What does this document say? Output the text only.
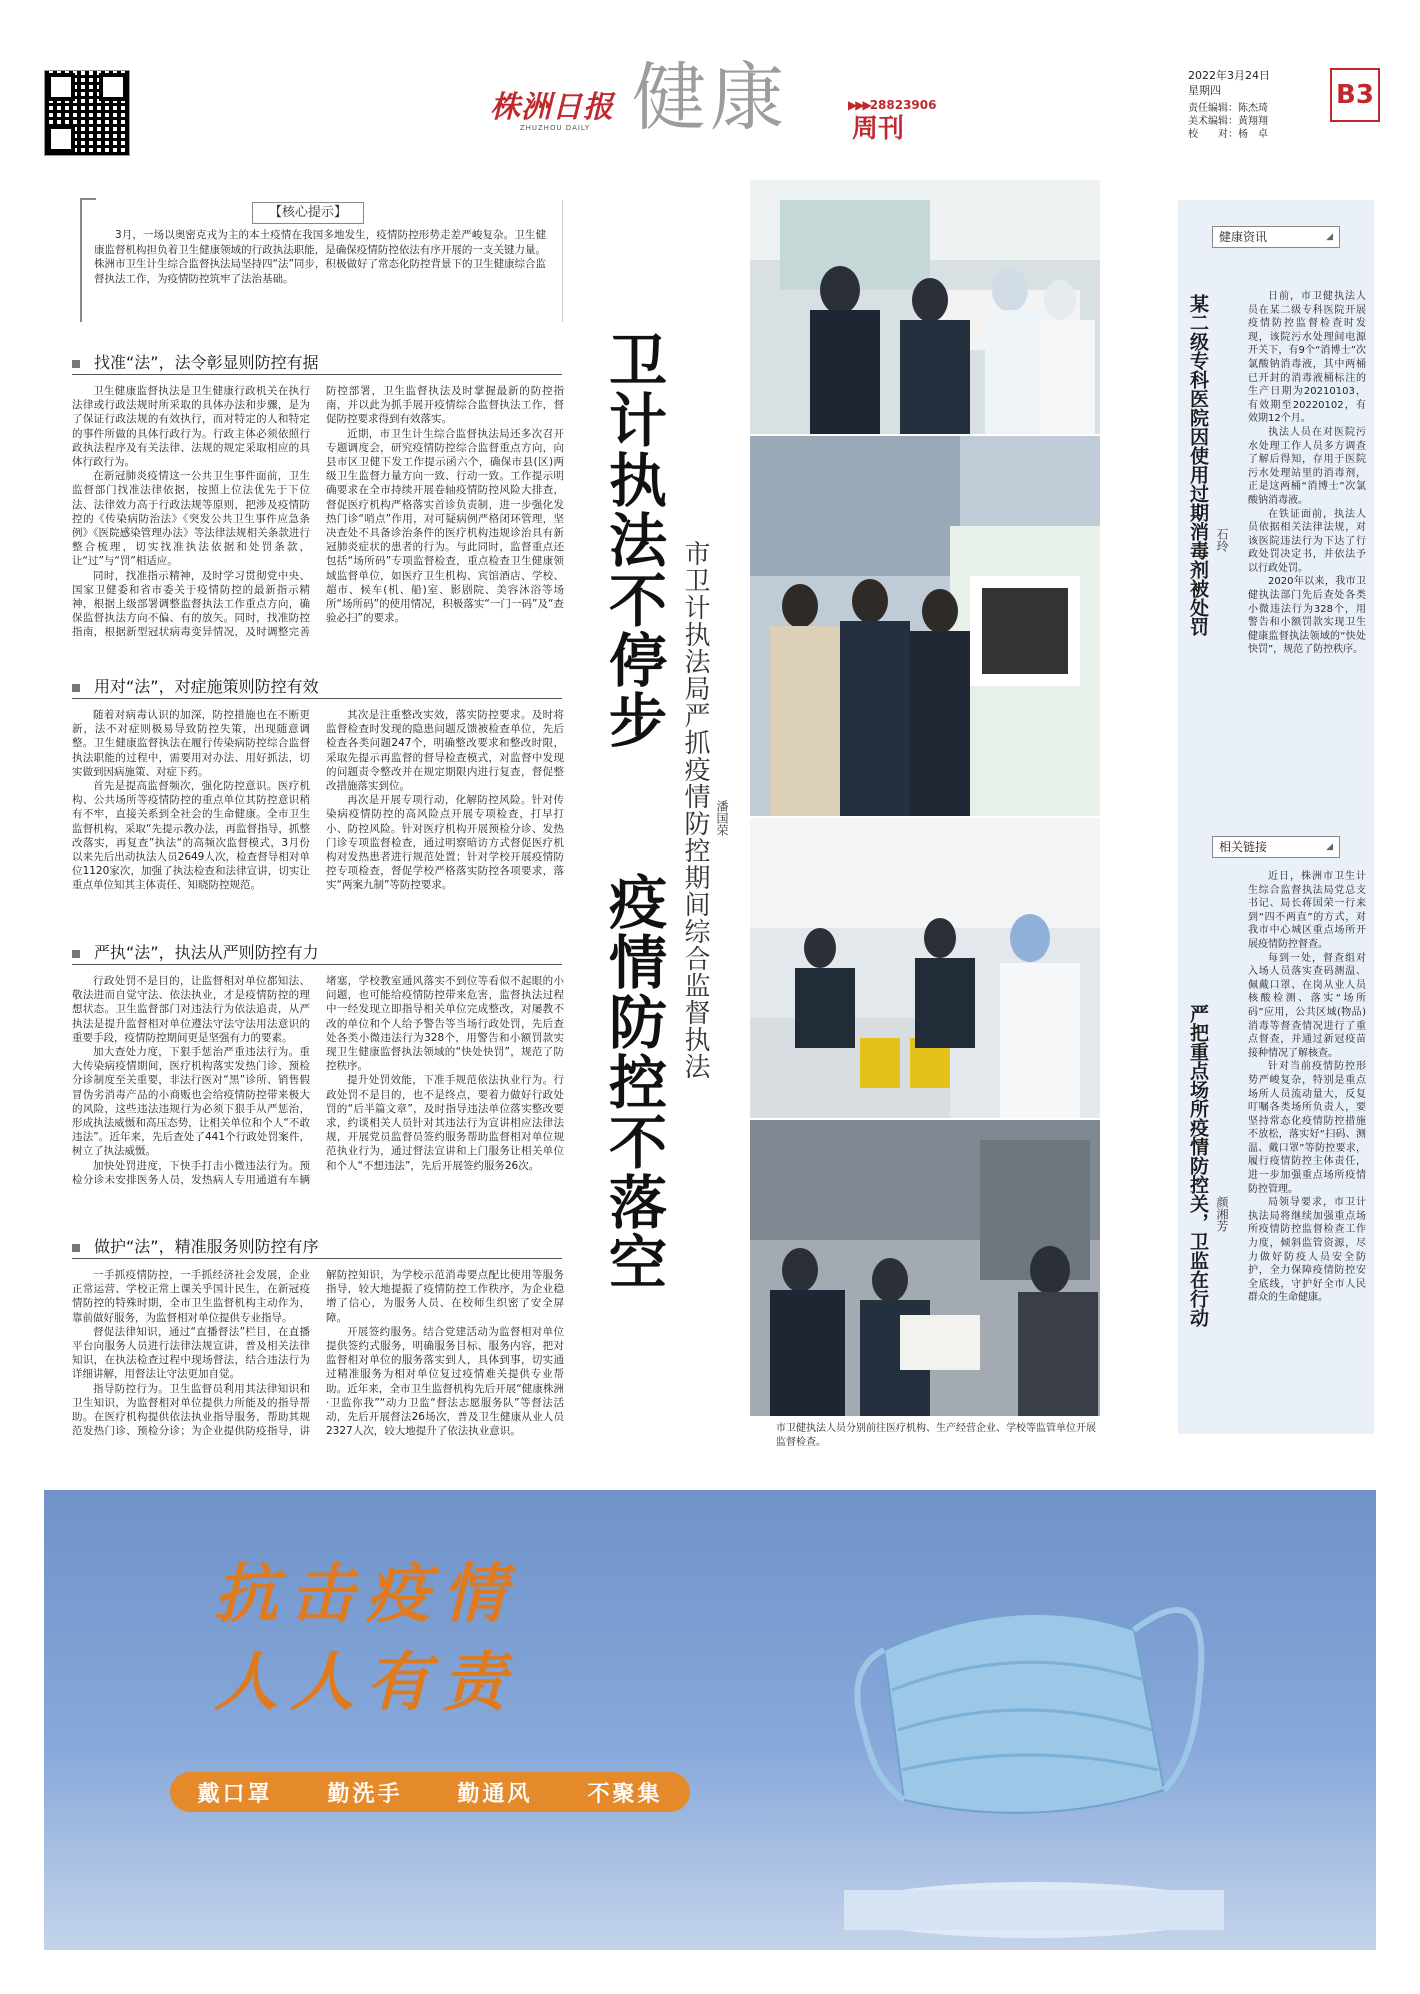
株洲日报
ZHUZHOU DAILY 健康	▶▶▶28823906
周刊
2022年3月24日
星期四
责任编辑：陈杰琦
美术编辑：黄翔翔
校　　对：杨　卓
B3
【核心提示】

3月，一场以奥密克戎为主的本土疫情在我国多地发生，疫情防控形势走差严峻复杂。卫生健康监督机构担负着卫生健康领域的行政执法职能，是确保疫情防控依法有序开展的一支关键力量。株洲市卫生计生综合监督执法局坚持四“法”同步，积极做好了常态化防控背景下的卫生健康综合监督执法工作，为疫情防控筑牢了法治基础。

找准“法”，法令彰显则防控有据

卫生健康监督执法是卫生健康行政机关在执行法律或行政法规时所采取的具体办法和步骤，是为了保证行政法规的有效执行，而对特定的人和特定的事件所做的具体行政行为。行政主体必须依照行政执法程序及有关法律、法规的规定采取相应的具体行政行为。

在新冠肺炎疫情这一公共卫生事件面前，卫生监督部门找准法律依据，按照上位法优先于下位法、法律效力高于行政法规等原则，把涉及疫情防控的《传染病防治法》《突发公共卫生事件应急条例》《医院感染管理办法》等法律法规相关条款进行整合梳理，切实找准执法依据和处罚条款，让“过”与“罚”相适应。

同时，找准指示精神，及时学习贯彻党中央、国家卫健委和省市委关于疫情防控的最新指示精神，根据上级部署调整监督执法工作重点方向，确保监督执法方向不偏、有的放矢。同时，找准防控指南，根据新型冠状病毒变异情况，及时调整完善防控部署，卫生监督执法及时掌握最新的防控指南，并以此为抓手展开疫情综合监督执法工作，督促防控要求得到有效落实。

近期，市卫生计生综合监督执法局还多次召开专题调度会，研究疫情防控综合监督重点方向，向县市区卫健下发工作提示函六个，确保市县(区)两级卫生监督力量方向一致、行动一致。工作提示明确要求在全市持续开展卷轴疫情防控风险大排查，督促医疗机构严格落实首诊负责制，进一步强化发热门诊“哨点”作用，对可疑病例严格闭环管理，坚决查处不具备诊治条件的医疗机构违规诊治具有新冠肺炎症状的患者的行为。与此同时，监督重点还包括“场所码”专项监督检查，重点检查卫生健康领域监督单位，如医疗卫生机构、宾馆酒店、学校、超市、候车(机、船)室、影剧院、美容沐浴等场所“场所码”的使用情况，积极落实“一门一码”及“查验必扫”的要求。

用对“法”，对症施策则防控有效

随着对病毒认识的加深，防控措施也在不断更新，法不对症则极易导致防控失策，出现随意调整。卫生健康监督执法在履行传染病防控综合监督执法职能的过程中，需要用对办法、用好抓法，切实做到因病施策、对症下药。

首先是提高监督频次，强化防控意识。医疗机构、公共场所等疫情防控的重点单位其防控意识稍有不牢，直接关系到全社会的生命健康。全市卫生监督机构，采取“先提示教办法，再监督指导，抓整改落实，再复查”执法“的高频次监督模式，3月份以来先后出动执法人员2649人次，检查督导相对单位1120家次，加强了执法检查和法律宣讲，切实让重点单位知其主体责任、知晓防控规范。

其次是注重整改实效，落实防控要求。及时将监督检查时发现的隐患问题反馈被检查单位，先后检查各类问题247个，明确整改要求和整改时限，采取先提示再监督的督导检查模式，对监督中发现的问题责令整改并在规定期限内进行复查，督促整改措施落实到位。

再次是开展专项行动，化解防控风险。针对传染病疫情防控的高风险点开展专项检查，打早打小、防控风险。针对医疗机构开展预检分诊、发热门诊专项监督检查，通过明察暗访方式督促医疗机构对发热患者进行规范处置；针对学校开展疫情防控专项检查，督促学校严格落实防控各项要求，落实“两案九制”等防控要求。

严执“法”，执法从严则防控有力

行政处罚不是目的，让监督相对单位都知法、敬法进而自觉守法、依法执业，才是疫情防控的理想状态。卫生监督部门对违法行为依法追责，从严执法是提升监督相对单位遵法守法守法用法意识的重要手段，疫情防控期间更是坚强有力的要素。

加大查处力度，下狠手惩治严重违法行为。重大传染病疫情期间，医疗机构落实发热门诊、预检分诊制度至关重要，非法行医对“黑”诊所、销售假冒伪劣消毒产品的小商贩也会给疫情防控带来极大的风险，这些违法违规行为必须下狠手从严惩治，形成执法威慑和高压态势，让相关单位和个人“不敢违法”。近年来，先后查处了441个行政处罚案件，树立了执法威慑。

加快处罚进度，下快手打击小微违法行为。预检分诊未安排医务人员，发热病人专用通道有车辆堵塞，学校教室通风落实不到位等看似不起眼的小问题，也可能给疫情防控带来危害，监督执法过程中一经发现立即指导相关单位完成整改，对屡教不改的单位和个人给予警告等当场行政处罚，先后查处各类小微违法行为328个，用警告和小额罚款实现卫生健康监督执法领域的“快处快罚”，规范了防控秩序。

提升处罚效能，下准手规范依法执业行为。行政处罚不是目的，也不是终点，要着力做好行政处罚的“后半篇文章”，及时指导违法单位落实整改要求，约谈相关人员针对其违法行为宣讲相应法律法规，开展党员监督员签约服务帮助监督相对单位规范执业行为，通过督法宣讲和上门服务让相关单位和个人“不想违法”，先后开展签约服务26次。

做护“法”，精准服务则防控有序

一手抓疫情防控，一手抓经济社会发展，企业正常运营、学校正常上课关乎国计民生，在新冠疫情防控的特殊时期，全市卫生监督机构主动作为，靠前做好服务，为监督相对单位提供专业指导。

督促法律知识，通过“直播督法”栏目，在直播平台向服务人员进行法律法规宣讲，普及相关法律知识，在执法检查过程中现场督法，结合违法行为详细讲解，用督法让守法更加自觉。

指导防控行为。卫生监督员利用其法律知识和卫生知识，为监督相对单位提供力所能及的指导帮助。在医疗机构提供依法执业指导服务，帮助其规范发热门诊、预检分诊；为企业提供防疫指导，讲解防控知识，为学校示范消毒要点配比使用等服务指导，较大地提振了疫情防控工作秩序，为企业稳增了信心，为服务人员、在校师生织密了安全屏障。

开展签约服务。结合党建活动为监督相对单位提供签约式服务，明确服务目标、服务内容，把对监督相对单位的服务落实到人，具体到事，切实通过精准服务为相对单位复过疫情难关提供专业帮助。近年来，全市卫生监督机构先后开展“健康株洲·卫监你我”“动力卫监“督法志愿服务队”等督法活动，先后开展督法26场次，普及卫生健康从业人员2327人次，较大地提升了依法执业意识。

卫计执法不停步
疫情防控不落空
市卫计执法局严抓疫情防控期间综合监督执法 潘国荣
市卫健执法人员分别前往医疗机构、生产经营企业、学校等监管单位开展监督检查。
健康资讯	◢
某二级专科医院因使用过期消毒剂被处罚 石玲

日前，市卫健执法人员在某二级专科医院开展疫情防控监督检查时发现，该院污水处理间电源开关下，有9个“消博士”次氯酸钠消毒液，其中两桶已开封的消毒液桶标注的生产日期为20210103，有效期至20220102，有效期12个月。

执法人员在对医院污水处理工作人员多方调查了解后得知，存用于医院污水处理站里的消毒剂，正是这两桶“消博士”次氯酸钠消毒液。

在铁证面前，执法人员依据相关法律法规，对该医院违法行为下达了行政处罚决定书，并依法予以行政处罚。

2020年以来，我市卫健执法部门先后查处各类小微违法行为328个，用警告和小额罚款实现卫生健康监督执法领域的“快处快罚”，规范了防控秩序。

相关链接	◢
严把重点场所疫情防控关，卫监在行动 颜湘芳

近日，株洲市卫生计生综合监督执法局党总支书记、局长蒋国荣一行来到“四不两直”的方式，对我市中心城区重点场所开展疫情防控督查。

每到一处，督查组对入场人员落实查码测温、佩戴口罩、在岗从业人员核酸检测、落实“场所码”应用，公共区域(物品)消毒等督查情况进行了重点督查，并通过新冠疫苗接种情况了解核查。

针对当前疫情防控形势严峻复杂，特别是重点场所人员流动量大，反复叮嘱各类场所负责人，要坚持常态化疫情防控措施不放松，落实好“扫码、测温、戴口罩”等防控要求，履行疫情防控主体责任，进一步加强重点场所疫情防控管理。

局领导要求，市卫计执法局将继续加强重点场所疫情防控监督检查工作力度，倾斜监管资源，尽力做好防疫人员安全防护，全力保障疫情防控安全底线，守护好全市人民群众的生命健康。

抗击疫情
人人有责
戴口罩 勤洗手 勤通风 不聚集
